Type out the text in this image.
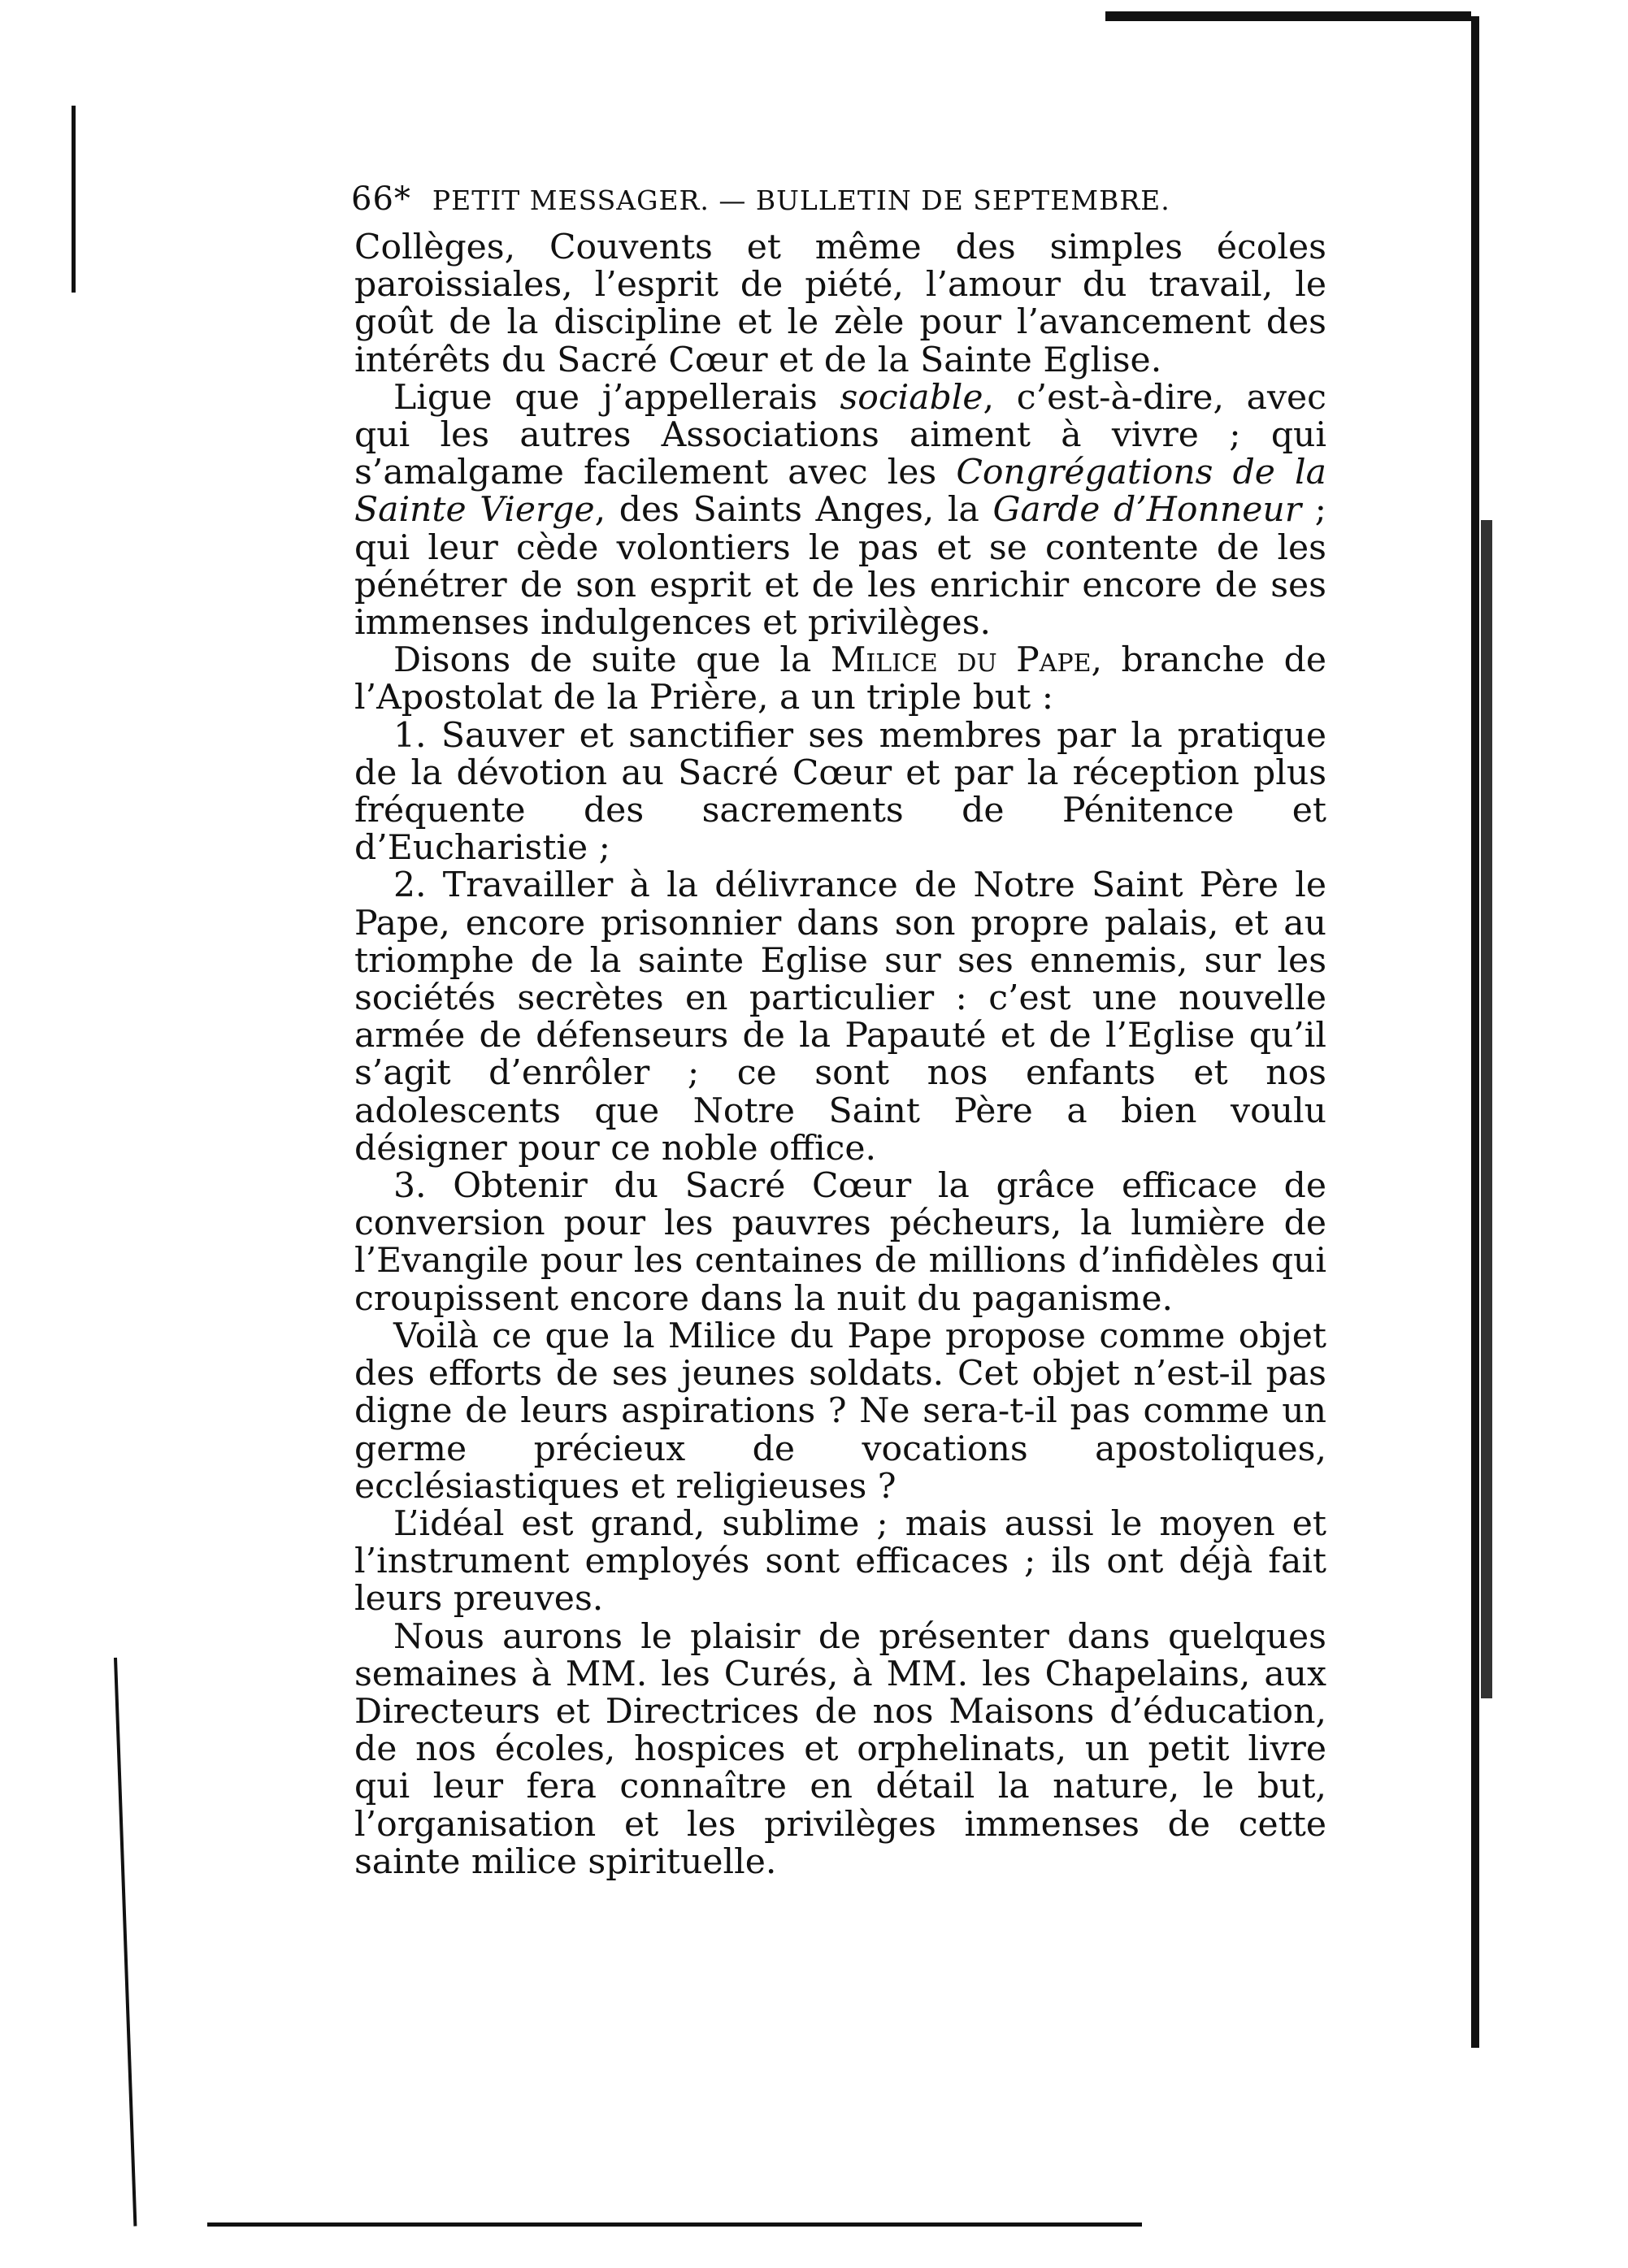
66* PETIT MESSAGER. — BULLETIN DE SEPTEMBRE.

Collèges, Couvents et même des simples écoles paroissiales, l’esprit de piété, l’amour du travail, le goût de la discipline et le zèle pour l’avancement des intérêts du Sacré Cœur et de la Sainte Eglise.

Ligue que j’appellerais sociable, c’est-à-dire, avec qui les autres Associations aiment à vivre ; qui s’amalgame facilement avec les Congrégations de la Sainte Vierge, des Saints Anges, la Garde d’Honneur ; qui leur cède volontiers le pas et se contente de les pénétrer de son esprit et de les enrichir encore de ses immenses indulgences et privilèges.

Disons de suite que la Milice du Pape, branche de l’Apostolat de la Prière, a un triple but :

1. Sauver et sanctifier ses membres par la pratique de la dévotion au Sacré Cœur et par la réception plus fréquente des sacrements de Pénitence et d’Eucharistie ;

2. Travailler à la délivrance de Notre Saint Père le Pape, encore prisonnier dans son propre palais, et au triomphe de la sainte Eglise sur ses ennemis, sur les sociétés secrètes en particulier : c’est une nouvelle armée de défenseurs de la Papauté et de l’Eglise qu’il s’agit d’enrôler ; ce sont nos enfants et nos adolescents que Notre Saint Père a bien voulu désigner pour ce noble office.

3. Obtenir du Sacré Cœur la grâce efficace de conversion pour les pauvres pécheurs, la lumière de l’Evangile pour les centaines de millions d’infidèles qui croupissent encore dans la nuit du paganisme.

Voilà ce que la Milice du Pape propose comme objet des efforts de ses jeunes soldats. Cet objet n’est-il pas digne de leurs aspirations ? Ne sera-t-il pas comme un germe précieux de vocations apostoliques, ecclésiastiques et religieuses ?

L’idéal est grand, sublime ; mais aussi le moyen et l’instrument employés sont efficaces ; ils ont déjà fait leurs preuves.

Nous aurons le plaisir de présenter dans quelques semaines à MM. les Curés, à MM. les Chapelains, aux Directeurs et Directrices de nos Maisons d’éducation, de nos écoles, hospices et orphelinats, un petit livre qui leur fera connaître en détail la nature, le but, l’organisation et les privilèges immenses de cette sainte milice spirituelle.
